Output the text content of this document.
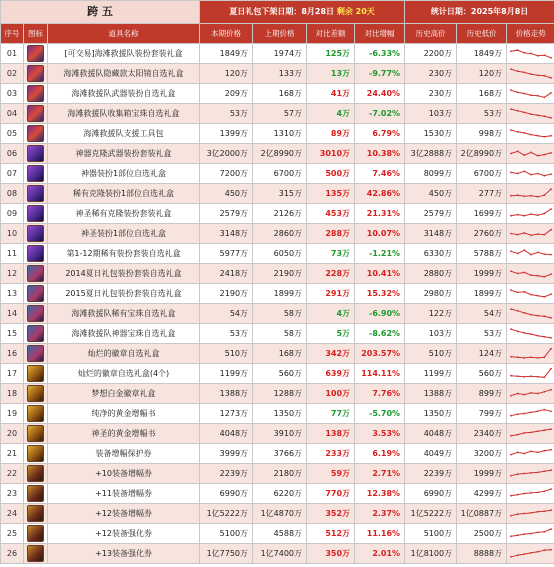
跨 五			夏日礼包下架日期：8月28日 剩余 20天				统计日期：2025年8月8日		
序号	图标	道具名称	本期价格	上期价格	对比差额	对比增幅	历史高价	历史低价	价格走势
01		[可交易]海滩救援队装扮套装礼盒	1849万	1974万	125万	-6.33%	2200万	1849万	

02		海滩救援队隐藏款太阳镜自选礼盒	120万	133万	13万	-9.77%	230万	120万	

03		海滩救援队武器装扮自选礼盒	209万	168万	41万	24.40%	230万	168万	

04		海滩救援队收集箱宝珠自选礼盒	53万	57万	4万	-7.02%	103万	53万	

05		海滩救援队支援工具包	1399万	1310万	89万	6.79%	1530万	998万	

06		神器克隆武器装扮套装礼盒	3亿2000万	2亿8990万	3010万	10.38%	3亿2888万	2亿8990万	

07		神器装扮1部位自选礼盒	7200万	6700万	500万	7.46%	8099万	6700万	

08		稀有克隆装扮1部位自选礼盒	450万	315万	135万	42.86%	450万	277万	

09		神圣稀有克隆装扮套装礼盒	2579万	2126万	453万	21.31%	2579万	1699万	

10		神圣装扮1部位自选礼盒	3148万	2860万	288万	10.07%	3148万	2760万	

11		第1-12期稀有装扮套装自选礼盒	5977万	6050万	73万	-1.21%	6330万	5788万	

12		2014夏日礼包装扮套装自选礼盒	2418万	2190万	228万	10.41%	2880万	1999万	

13		2015夏日礼包装扮套装自选礼盒	2190万	1899万	291万	15.32%	2980万	1899万	

14		海滩救援队稀有宝珠自选礼盒	54万	58万	4万	-6.90%	122万	54万	

15		海滩救援队神器宝珠自选礼盒	53万	58万	5万	-8.62%	103万	53万	

16		灿烂的徽章自选礼盒	510万	168万	342万	203.57%	510万	124万	

17		灿烂的徽章自选礼盒(4个)	1199万	560万	639万	114.11%	1199万	560万	

18		梦想白金徽章礼盒	1388万	1288万	100万	7.76%	1388万	899万	

19		纯净的黄金增幅书	1273万	1350万	77万	-5.70%	1350万	799万	

20		神圣的黄金增幅书	4048万	3910万	138万	3.53%	4048万	2340万	

21		装备增幅保护券	3999万	3766万	233万	6.19%	4049万	3200万	

22		+10装备增幅券	2239万	2180万	59万	2.71%	2239万	1999万	

23		+11装备增幅券	6990万	6220万	770万	12.38%	6990万	4299万	

24		+12装备增幅券	1亿5222万	1亿4870万	352万	2.37%	1亿5222万	1亿0887万	

25		+12装备强化券	5100万	4588万	512万	11.16%	5100万	2500万	

26		+13装备强化券	1亿7750万	1亿7400万	350万	2.01%	1亿8100万	8888万	
